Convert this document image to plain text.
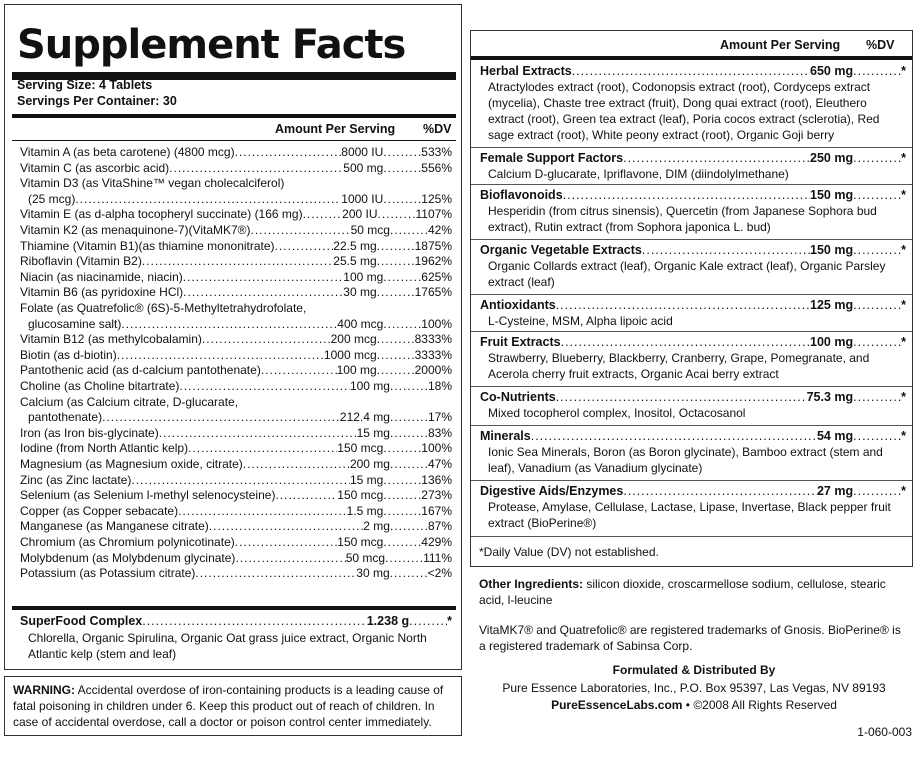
Supplement Facts
Serving Size: 4 Tablets
Servings Per Container: 30
Amount Per Serving %DV
Vitamin A (as beta carotene) (4800 mcg) .....	8000 IU .....	533%
Vitamin C (as ascorbic acid) .....	500 mg .....	556%
Vitamin D3 (as VitaShine™ vegan cholecalciferol)
(25 mcg) .....	1000 IU .....	125%
Vitamin E (as d-alpha tocopheryl succinate) (166 mg) .....	200 IU .....	1107%
Vitamin K2 (as menaquinone-7)(VitaMK7®) .....	50 mcg .....	42%
Thiamine (Vitamin B1)(as thiamine mononitrate) .....	22.5 mg .....	1875%
Riboflavin (Vitamin B2) .....	25.5 mg .....	1962%
Niacin (as niacinamide, niacin) .....	100 mg .....	625%
Vitamin B6 (as pyridoxine HCl) .....	30 mg .....	1765%
Folate (as Quatrefolic® (6S)-5-Methyltetrahydrofolate,
glucosamine salt) .....	400 mcg .....	100%
Vitamin B12 (as methylcobalamin) .....	200 mcg .....	8333%
Biotin (as d-biotin) .....	1000 mcg .....	3333%
Pantothenic acid (as d-calcium pantothenate) .....	100 mg .....	2000%
Choline (as Choline bitartrate) .....	100 mg .....	18%
Calcium (as Calcium citrate, D-glucarate,
pantothenate) .....	212.4 mg .....	17%
Iron (as Iron bis-glycinate) .....	15 mg .....	83%
Iodine (from North Atlantic kelp) .....	150 mcg .....	100%
Magnesium (as Magnesium oxide, citrate) .....	200 mg .....	47%
Zinc (as Zinc lactate) .....	15 mg .....	136%
Selenium (as Selenium l-methyl selenocysteine) .....	150 mcg .....	273%
Copper (as Copper sebacate) .....	1.5 mg .....	167%
Manganese (as Manganese citrate) .....	2 mg .....	87%
Chromium (as Chromium polynicotinate) .....	150 mcg .....	429%
Molybdenum (as Molybdenum glycinate) .....	50 mcg .....	111%
Potassium (as Potassium citrate) .....	30 mg .....	<2%
SuperFood Complex .....	1.238 g .....	*
Chlorella, Organic Spirulina, Organic Oat grass juice extract, Organic North Atlantic kelp (stem and leaf)
WARNING: Accidental overdose of iron-containing products is a leading cause of fatal poisoning in children under 6. Keep this product out of reach of children. In case of accidental overdose, call a doctor or poison control center immediately.
Amount Per Serving %DV
Herbal Extracts .....	650 mg .....	*
Atractylodes extract (root), Codonopsis extract (root), Cordyceps extract (mycelia), Chaste tree extract (fruit), Dong quai extract (root), Eleuthero extract (root), Green tea extract (leaf), Poria cocos extract (sclerotia), Red sage extract (root), White peony extract (root), Organic Goji berry
Female Support Factors .....	250 mg .....	*
Calcium D-glucarate, Ipriflavone, DIM (diindolylmethane)
Bioflavonoids .....	150 mg .....	*
Hesperidin (from citrus sinensis), Quercetin (from Japanese Sophora bud extract), Rutin extract (from Sophora japonica L. bud)
Organic Vegetable Extracts .....	150 mg .....	*
Organic Collards extract (leaf), Organic Kale extract (leaf), Organic Parsley extract (leaf)
Antioxidants .....	125 mg .....	*
L-Cysteine, MSM, Alpha lipoic acid
Fruit Extracts .....	100 mg .....	*
Strawberry, Blueberry, Blackberry, Cranberry, Grape, Pomegranate, and Acerola cherry fruit extracts, Organic Acai berry extract
Co-Nutrients .....	75.3 mg .....	*
Mixed tocopherol complex, Inositol, Octacosanol
Minerals .....	54 mg .....	*
Ionic Sea Minerals, Boron (as Boron glycinate), Bamboo extract (stem and leaf), Vanadium (as Vanadium glycinate)
Digestive Aids/Enzymes .....	27 mg .....	*
Protease, Amylase, Cellulase, Lactase, Lipase, Invertase, Black pepper fruit extract (BioPerine®)
*Daily Value (DV) not established.
Other Ingredients: silicon dioxide, croscarmellose sodium, cellulose, stearic acid, l-leucine
VitaMK7® and Quatrefolic® are registered trademarks of Gnosis. BioPerine® is a registered trademark of Sabinsa Corp.
Formulated & Distributed By
Pure Essence Laboratories, Inc., P.O. Box 95397, Las Vegas, NV 89193
PureEssenceLabs.com • ©2008 All Rights Reserved
1-060-003
